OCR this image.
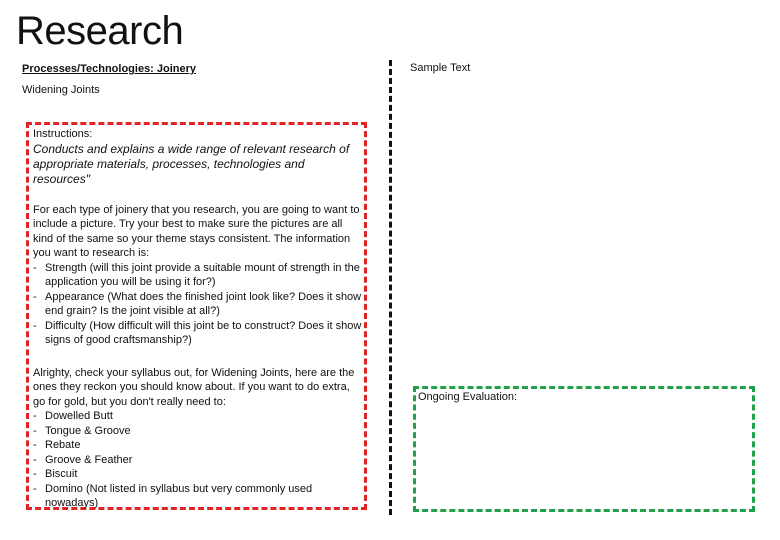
Research
Processes/Technologies: Joinery
Widening Joints

Instructions:

Conducts and explains a wide range of relevant research of appropriate materials, processes, technologies and resources"

For each type of joinery that you research, you are going to want to include a picture. Try your best to make sure the pictures are all kind of the same so your theme stays consistent. The information you want to research is:

- Strength (will this joint provide a suitable mount of strength in the application you will be using it for?)
- Appearance (What does the finished joint look like? Does it show end grain? Is the joint visible at all?)
- Difficulty (How difficult will this joint be to construct? Does it show signs of good craftsmanship?)

Alrighty, check your syllabus out, for Widening Joints, here are the ones they reckon you should know about. If you want to do extra, go for gold, but you don't really need to:

- Dowelled Butt
- Tongue & Groove
- Rebate
- Groove & Feather
- Biscuit
- Domino (Not listed in syllabus but very commonly used nowadays)
Sample Text
Ongoing Evaluation:
